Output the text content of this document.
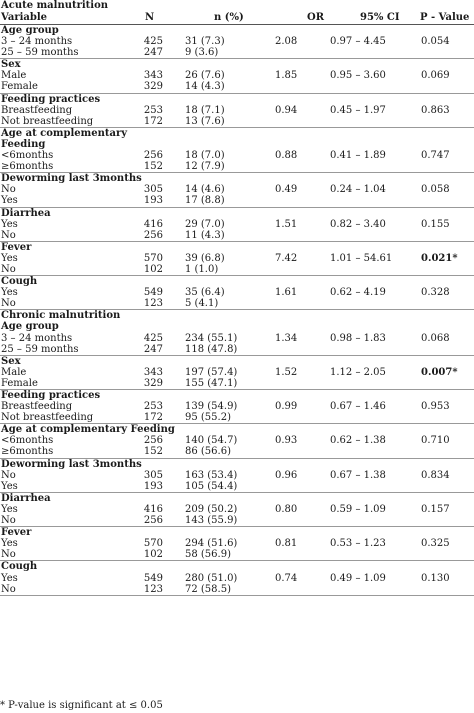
Acute malnutrition
Variable	N	n (%)	OR	95% CI P - Value
Age group
3 – 24 months	425 31 (7.3)	2.08	0.97 – 4.45	0.054
25 – 59 months	247 9 (3.6)
Sex
Male	343 26 (7.6)	1.85	0.95 – 3.60	0.069
Female	329 14 (4.3)
Feeding practices
Breastfeeding	253 18 (7.1)	0.94	0.45 – 1.97	0.863
Not breastfeeding	172 13 (7.6)
Age at complementary
Feeding
<6months	256 18 (7.0)	0.88	0.41 – 1.89	0.747
≥6months	152 12 (7.9)
Deworming last 3months
No	305 14 (4.6)	0.49	0.24 – 1.04	0.058
Yes	193 17 (8.8)
Diarrhea
Yes	416 29 (7.0)	1.51	0.82 – 3.40	0.155
No	256 11 (4.3)
Fever
Yes	570 39 (6.8)	7.42	1.01 – 54.61	0.021*
No	102 1 (1.0)
Cough
Yes	549 35 (6.4)	1.61	0.62 – 4.19	0.328
No	123 5 (4.1)
Chronic malnutrition
Age group
3 – 24 months	425 234 (55.1)	1.34	0.98 – 1.83	0.068
25 – 59 months	247 118 (47.8)
Sex
Male	343 197 (57.4)	1.52	1.12 – 2.05	0.007*
Female	329 155 (47.1)
Feeding practices
Breastfeeding	253 139 (54.9)	0.99	0.67 – 1.46	0.953
Not breastfeeding	172 95 (55.2)
Age at complementary Feeding
<6months	256 140 (54.7)	0.93	0.62 – 1.38	0.710
≥6months	152 86 (56.6)
Deworming last 3months
No	305 163 (53.4)	0.96	0.67 – 1.38	0.834
Yes	193 105 (54.4)
Diarrhea
Yes	416 209 (50.2)	0.80	0.59 – 1.09	0.157
No	256 143 (55.9)
Fever
Yes	570 294 (51.6)	0.81	0.53 – 1.23	0.325
No	102 58 (56.9)
Cough
Yes	549 280 (51.0)	0.74	0.49 – 1.09	0.130
No	123 72 (58.5)
* P-value is significant at ≤ 0.05
